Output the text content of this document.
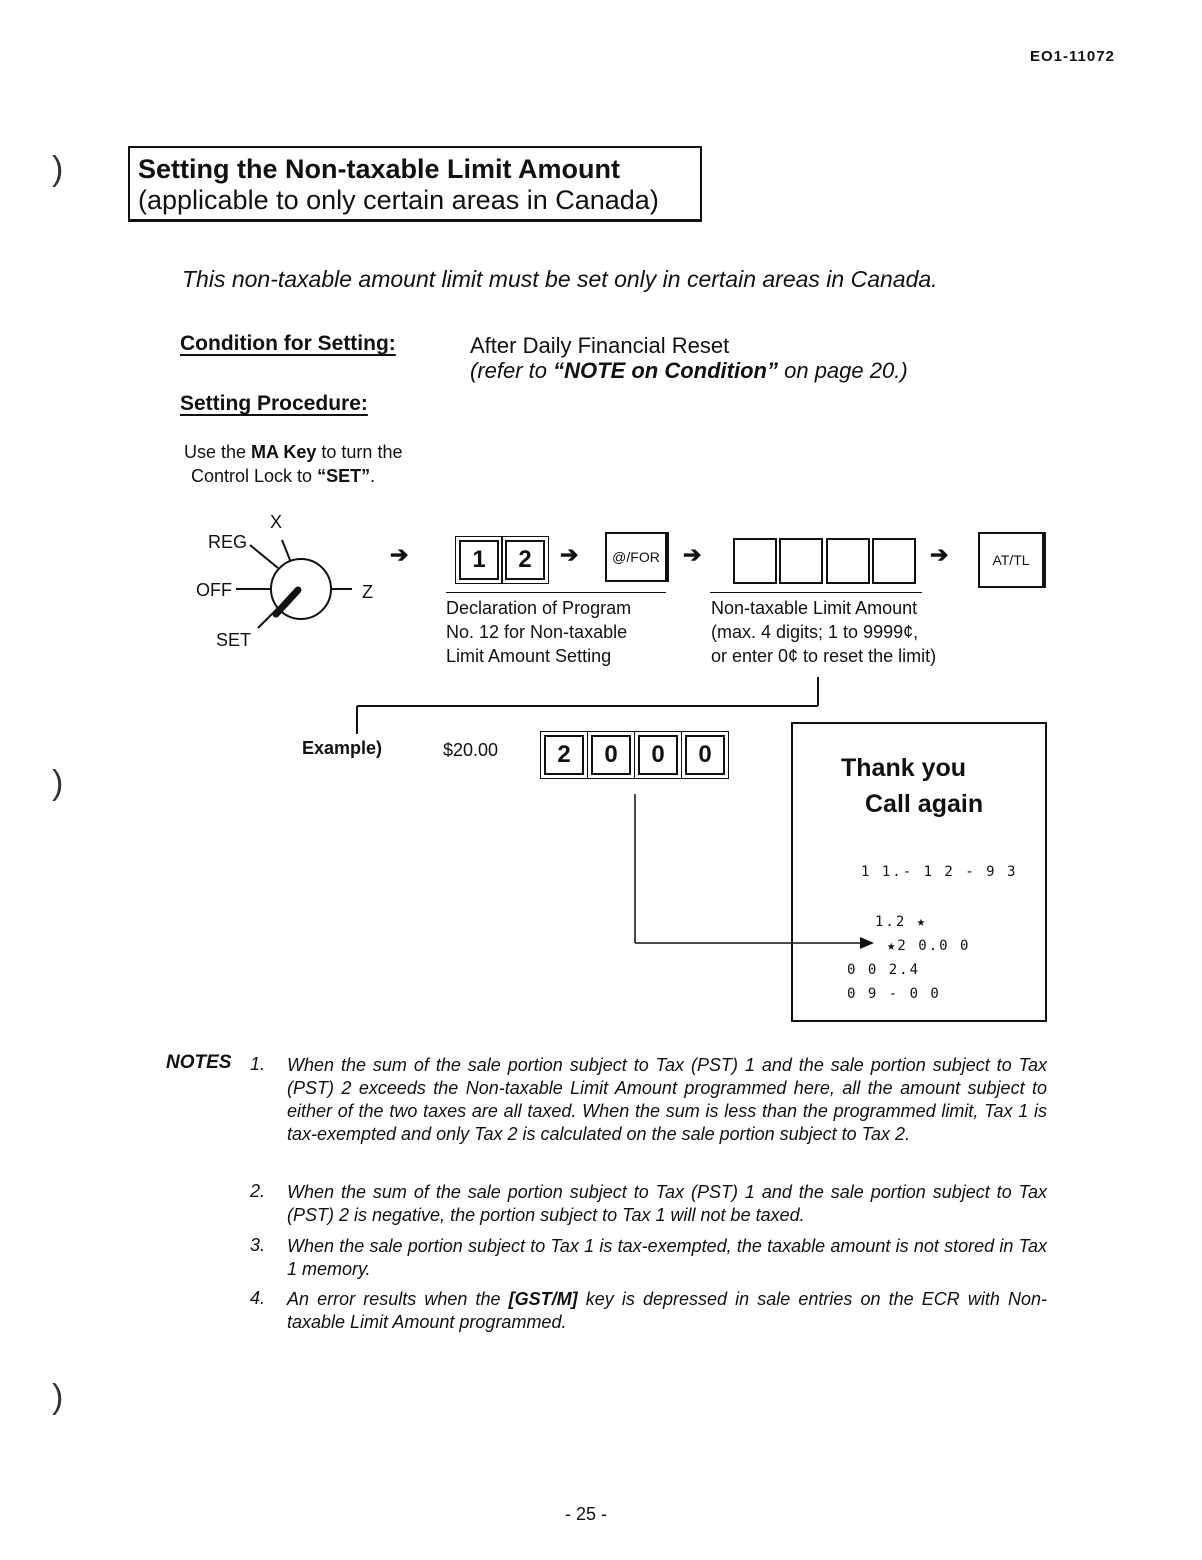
EO1-11072
)
)
)
Setting the Non-taxable Limit Amount
(applicable to only certain areas in Canada)
This non-taxable amount limit must be set only in certain areas in Canada.
Condition for Setting:	After Daily Financial Reset
(refer to “NOTE on Condition” on page 20.)
Setting Procedure:
Use the MA Key to turn the
Control Lock to “SET”.
REG
X
OFF	Z
SET
➔	1	2	➔	@/FOR	➔	➔	AT/TL
Declaration of Program
No. 12 for Non-taxable
Limit Amount Setting
Non-taxable Limit Amount
(max. 4 digits; 1 to 9999¢,
or enter 0¢ to reset the limit)
Example)	$20.00	2	0	0	0	Thank you
Call again
1 1.- 1 2 - 9 3
1.2 ★
★2 0.0 0
0 0 2.4
0 9 - 0 0
NOTES 1. When the sum of the sale portion subject to Tax (PST) 1 and the sale portion subject to Tax (PST) 2 exceeds the Non-taxable Limit Amount programmed here, all the amount subject to either of the two taxes are all taxed. When the sum is less than the programmed limit, Tax 1 is tax-exempted and only Tax 2 is calculated on the sale portion subject to Tax 2.
2. When the sum of the sale portion subject to Tax (PST) 1 and the sale portion subject to Tax (PST) 2 is negative, the portion subject to Tax 1 will not be taxed.
3. When the sale portion subject to Tax 1 is tax-exempted, the taxable amount is not stored in Tax 1 memory.
4. An error results when the [GST/M] key is depressed in sale entries on the ECR with Non-taxable Limit Amount programmed.
- 25 -
